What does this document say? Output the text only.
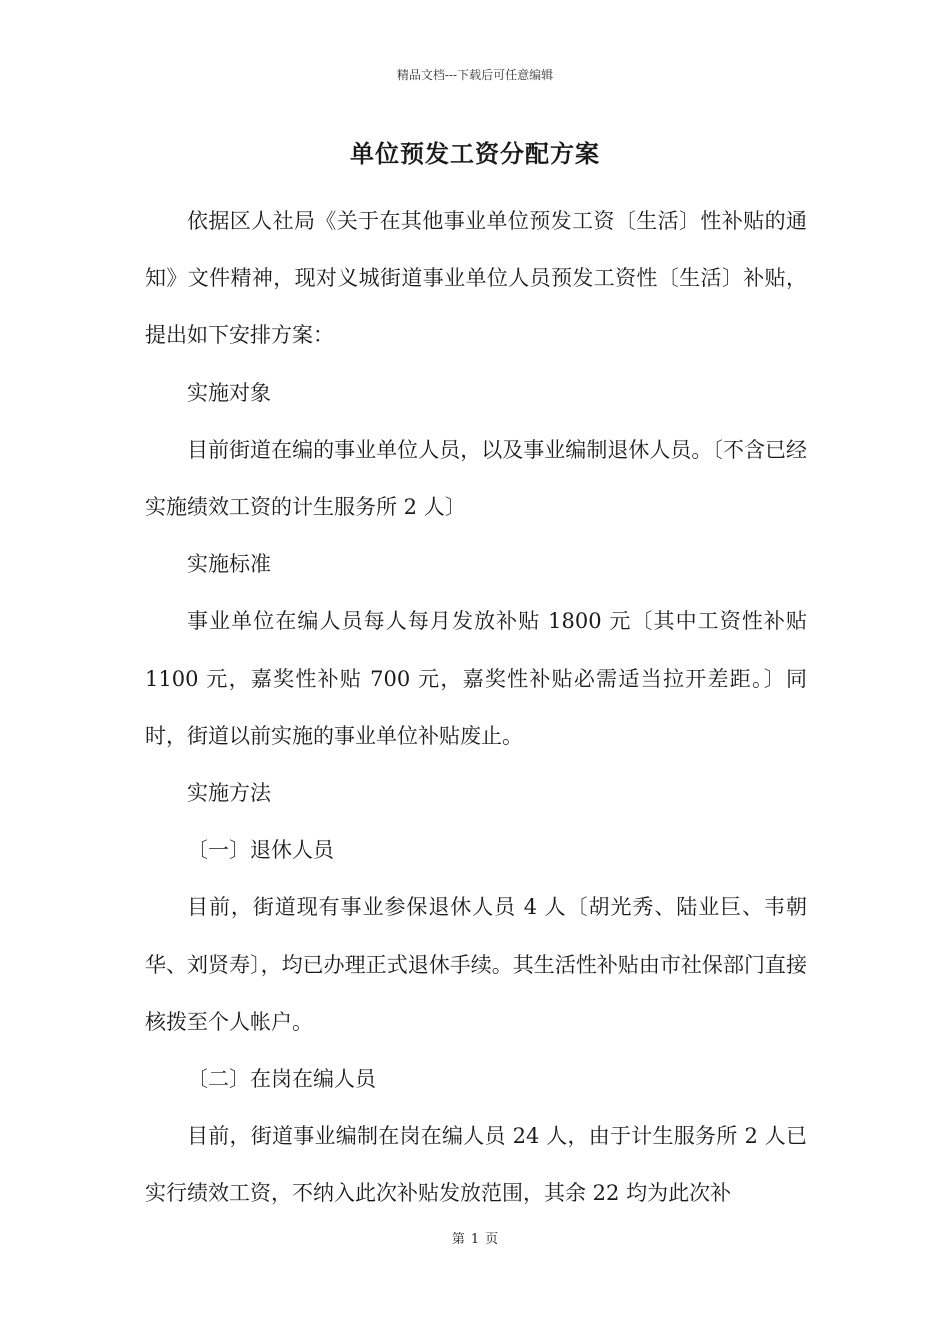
精品文档---下载后可任意编辑
单位预发工资分配方案

依据区人社局《关于在其他事业单位预发工资〔生活〕性补贴的通知》文件精神，现对义城街道事业单位人员预发工资性〔生活〕补贴，提出如下安排方案：

实施对象

目前街道在编的事业单位人员，以及事业编制退休人员。〔不含已经实施绩效工资的计生服务所 2 人〕

实施标准

事业单位在编人员每人每月发放补贴 1800 元〔其中工资性补贴 1100 元，嘉奖性补贴 700 元，嘉奖性补贴必需适当拉开差距。〕同时，街道以前实施的事业单位补贴废止。

实施方法

〔一〕退休人员

目前，街道现有事业参保退休人员 4 人〔胡光秀、陆业巨、韦朝华、刘贤寿〕，均已办理正式退休手续。其生活性补贴由市社保部门直接核拨至个人帐户。

〔二〕在岗在编人员

目前，街道事业编制在岗在编人员 24 人，由于计生服务所 2 人已实行绩效工资，不纳入此次补贴发放范围，其余 22 均为此次补

第 1 页
